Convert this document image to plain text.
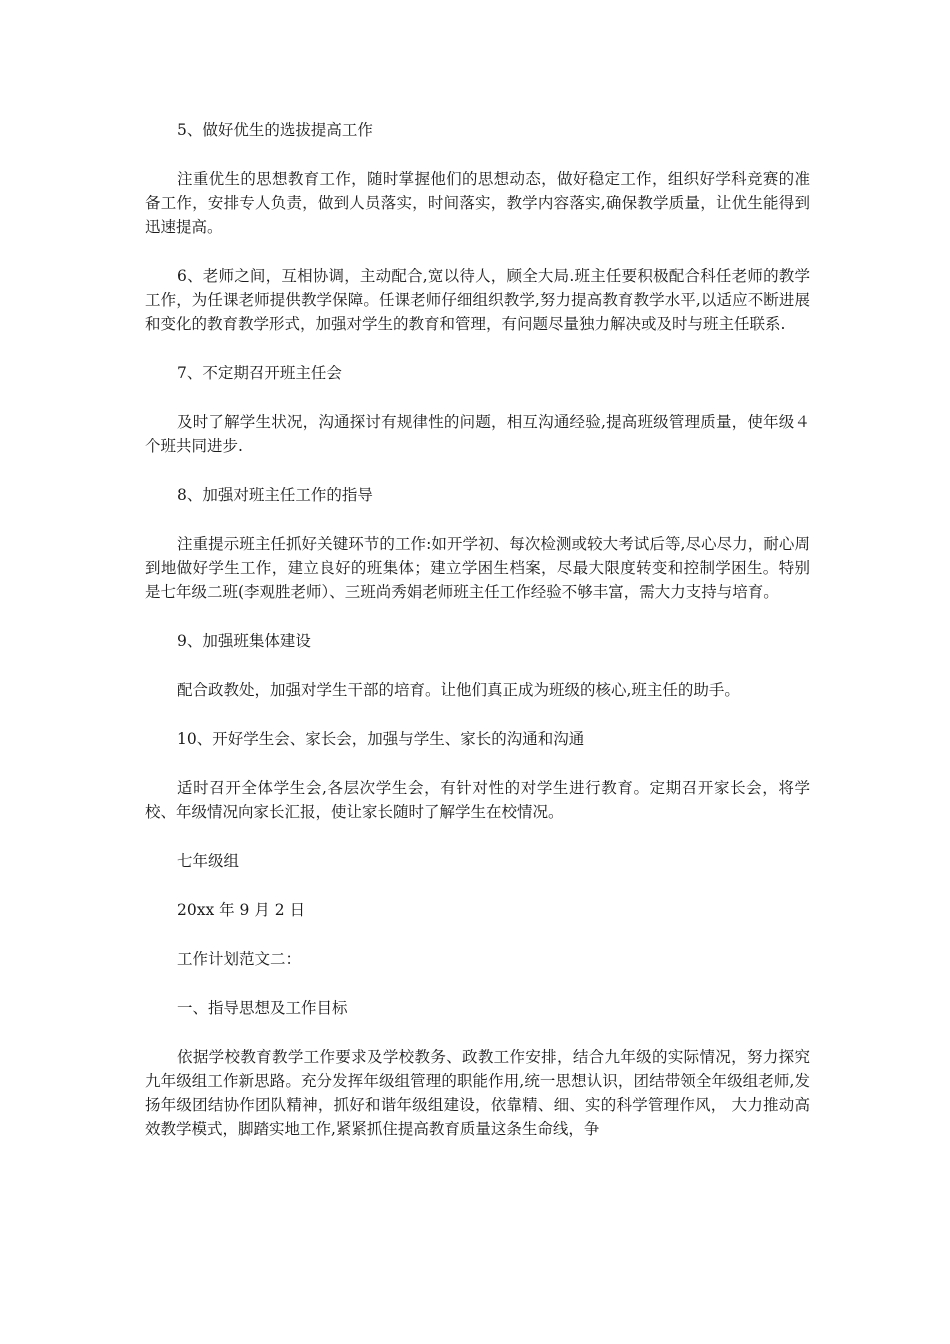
5、做好优生的选拔提高工作

注重优生的思想教育工作，随时掌握他们的思想动态，做好稳定工作，组织好学科竞赛的准备工作，安排专人负责，做到人员落实，时间落实，教学内容落实,确保教学质量，让优生能得到迅速提高。

6、老师之间，互相协调，主动配合,宽以待人，顾全大局.班主任要积极配合科任老师的教学工作，为任课老师提供教学保障。任课老师仔细组织教学,努力提高教育教学水平,以适应不断进展和变化的教育教学形式，加强对学生的教育和管理，有问题尽量独力解决或及时与班主任联系.

7、不定期召开班主任会

及时了解学生状况，沟通探讨有规律性的问题，相互沟通经验,提高班级管理质量，使年级４个班共同进步.

8、加强对班主任工作的指导

注重提示班主任抓好关键环节的工作:如开学初、每次检测或较大考试后等,尽心尽力，耐心周到地做好学生工作，建立良好的班集体；建立学困生档案，尽最大限度转变和控制学困生。特别是七年级二班(李观胜老师）、三班尚秀娟老师班主任工作经验不够丰富，需大力支持与培育。

9、加强班集体建设

配合政教处，加强对学生干部的培育。让他们真正成为班级的核心,班主任的助手。

10、开好学生会、家长会，加强与学生、家长的沟通和沟通

适时召开全体学生会,各层次学生会，有针对性的对学生进行教育。定期召开家长会，将学校、年级情况向家长汇报，使让家长随时了解学生在校情况。

七年级组

20xx 年 9 月 2 日

工作计划范文二：

一、指导思想及工作目标

依据学校教育教学工作要求及学校教务、政教工作安排，结合九年级的实际情况，努力探究九年级组工作新思路。充分发挥年级组管理的职能作用,统一思想认识，团结带领全年级组老师,发扬年级团结协作团队精神，抓好和谐年级组建设，依靠精、细、实的科学管理作风， 大力推动高效教学模式，脚踏实地工作,紧紧抓住提高教育质量这条生命线，争
